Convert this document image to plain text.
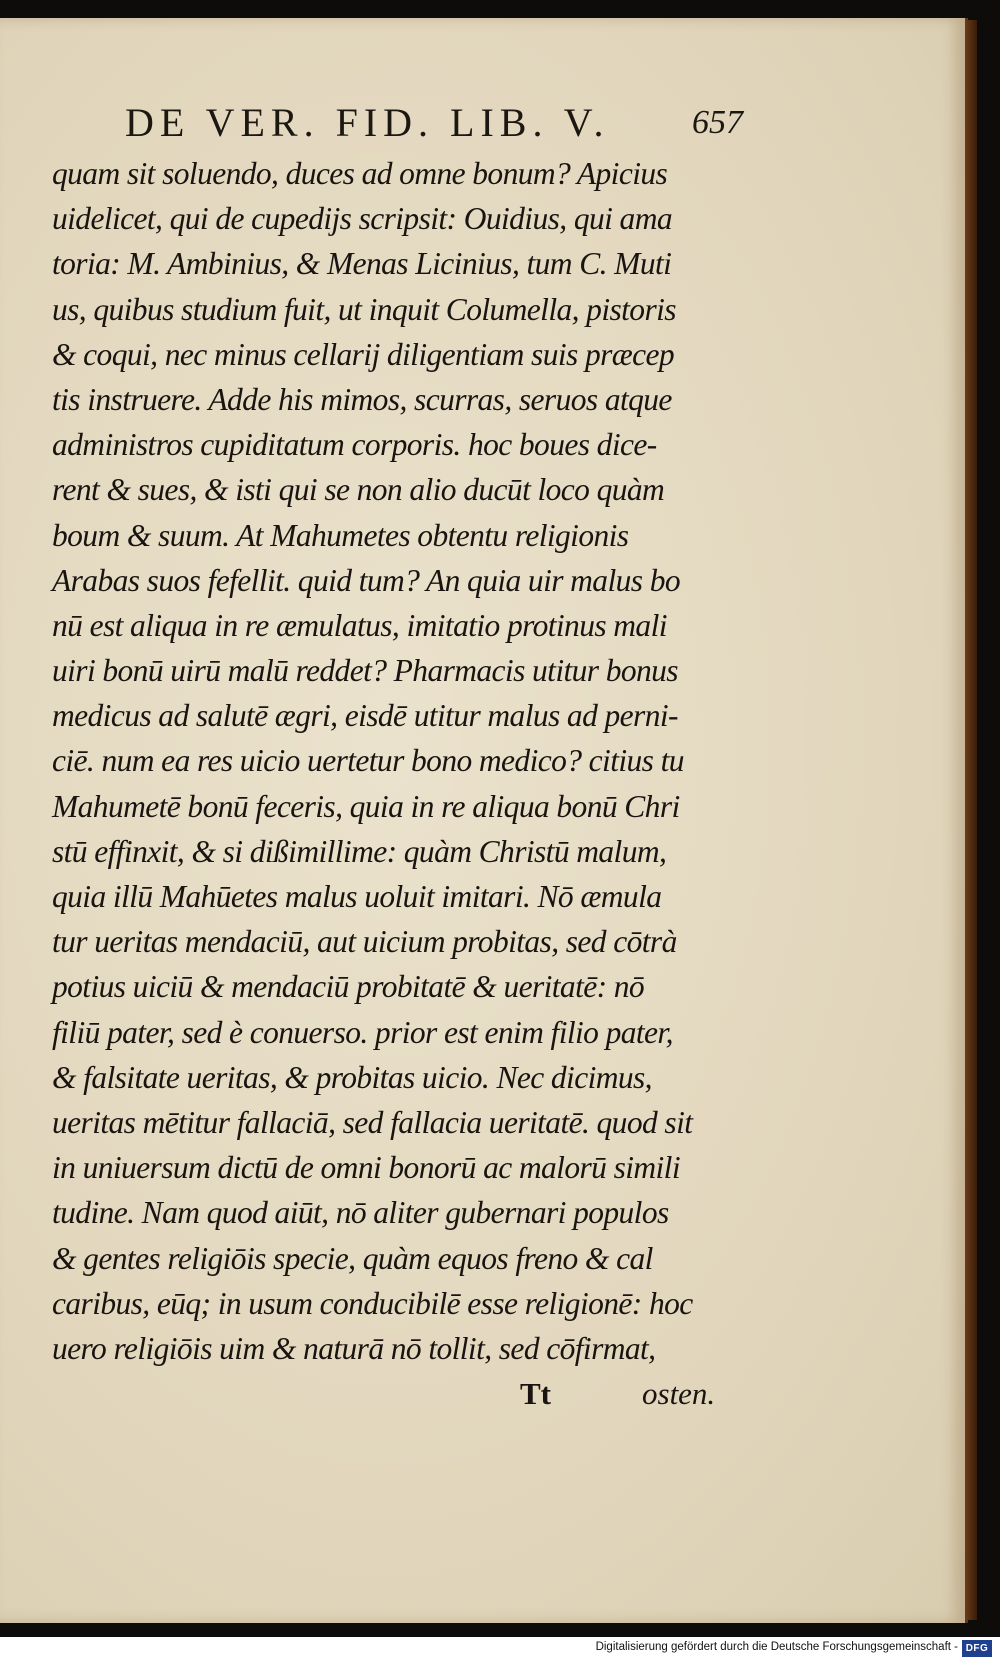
DE VER. FID. LIB. V. 657
quam sit soluendo, duces ad omne bonum? Apicius
uidelicet, qui de cupedijs scripsit: Ouidius, qui ama
toria: M. Ambinius, & Menas Licinius, tum C. Muti
us, quibus studium fuit, ut inquit Columella, pistoris
& coqui, nec minus cellarij diligentiam suis præcep
tis instruere. Adde his mimos, scurras, seruos atque
administros cupiditatum corporis. hoc boues dice-
rent & sues, & isti qui se non alio ducūt loco quàm
boum & suum. At Mahumetes obtentu religionis
Arabas suos fefellit. quid tum? An quia uir malus bo
nū est aliqua in re æmulatus, imitatio protinus mali
uiri bonū uirū malū reddet? Pharmacis utitur bonus
medicus ad salutē ægri, eisdē utitur malus ad perni-
ciē. num ea res uicio uertetur bono medico? citius tu
Mahumetē bonū feceris, quia in re aliqua bonū Chri
stū effinxit, & si dißimillime: quàm Christū malum,
quia illū Mahūetes malus uoluit imitari. Nō æmula
tur ueritas mendaciū, aut uicium probitas, sed cōtrà
potius uiciū & mendaciū probitatē & ueritatē: nō
filiū pater, sed è conuerso. prior est enim filio pater,
& falsitate ueritas, & probitas uicio. Nec dicimus,
ueritas mētitur fallaciā, sed fallacia ueritatē. quod sit
in uniuersum dictū de omni bonorū ac malorū simili
tudine. Nam quod aiūt, nō aliter gubernari populos
& gentes religiōis specie, quàm equos freno & cal
caribus, eūq; in usum conducibilē esse religionē: hoc
uero religiōis uim & naturā nō tollit, sed cōfirmat,
Tt	osten.
Digitalisierung gefördert durch die Deutsche Forschungsgemeinschaft - DFG
